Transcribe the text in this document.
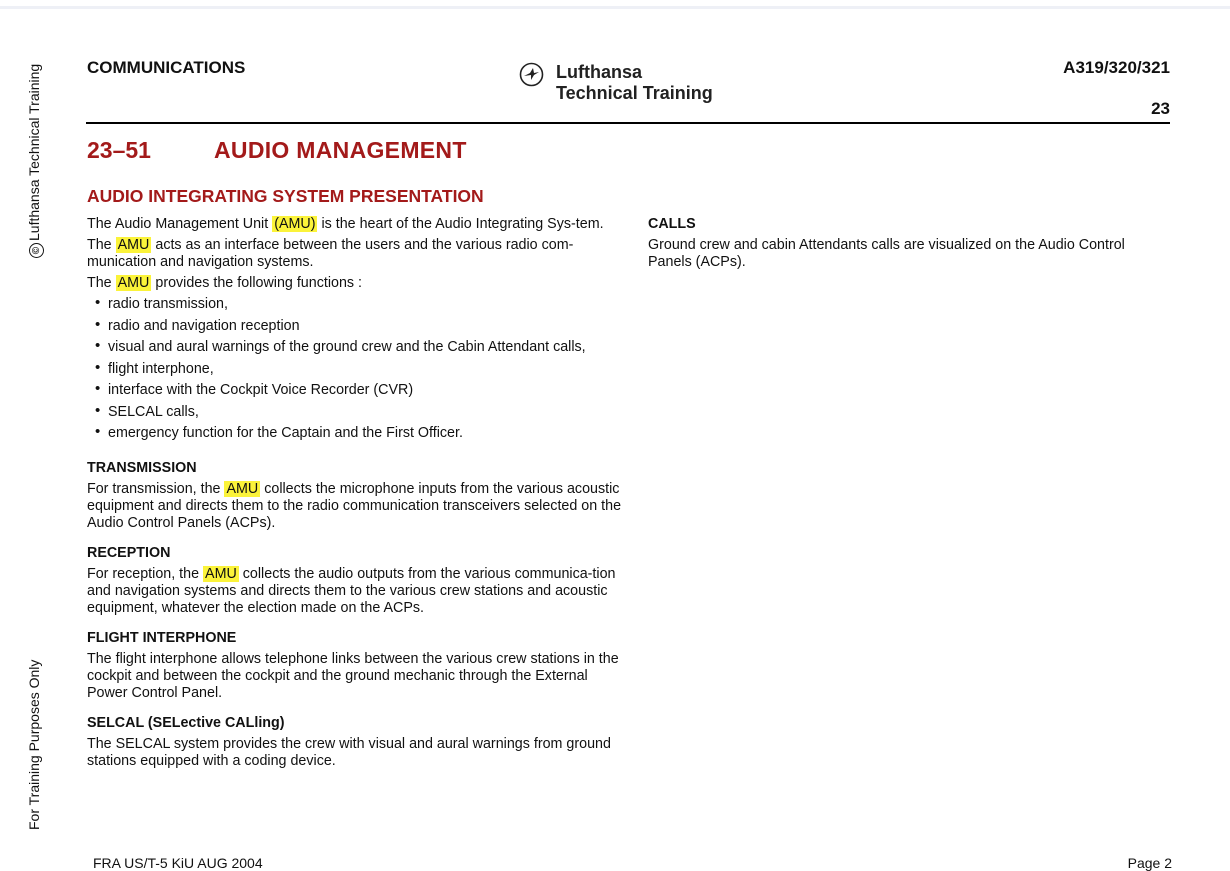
©Lufthansa Technical Training
For Training Purposes Only
COMMUNICATIONS	Lufthansa
Technical Training
A319/320/321
23
23–51	AUDIO MANAGEMENT
AUDIO INTEGRATING SYSTEM PRESENTATION

The Audio Management Unit (AMU) is the heart of the Audio Integrating Sys-tem.

The AMU acts as an interface between the users and the various radio com-munication and navigation systems.

The AMU provides the following functions :

• radio transmission,
• radio and navigation reception
• visual and aural warnings of the ground crew and the Cabin Attendant calls,
• flight interphone,
• interface with the Cockpit Voice Recorder (CVR)
• SELCAL calls,
• emergency function for the Captain and the First Officer.

TRANSMISSION

For transmission, the AMU collects the microphone inputs from the various acoustic equipment and directs them to the radio communication transceivers selected on the Audio Control Panels (ACPs).

RECEPTION

For reception, the AMU collects the audio outputs from the various communica-tion and navigation systems and directs them to the various crew stations and acoustic equipment, whatever the election made on the ACPs.

FLIGHT INTERPHONE

The flight interphone allows telephone links between the various crew stations in the cockpit and between the cockpit and the ground mechanic through the External Power Control Panel.

SELCAL (SELective CALling)

The SELCAL system provides the crew with visual and aural warnings from ground stations equipped with a coding device.

CALLS

Ground crew and cabin Attendants calls are visualized on the Audio Control Panels (ACPs).

FRA US/T-5 KiU AUG 2004	Page 2
